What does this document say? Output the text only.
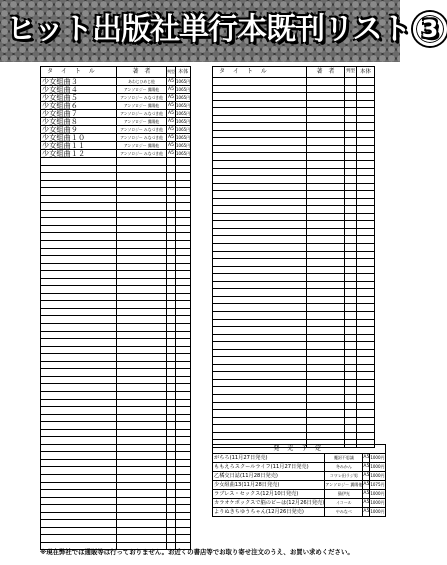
ヒット出版社単行本既刊リスト 3
タ イ ト ル	著　者	判型	本体
少女組曲３	あわじひめじ他	A5	1065円
少女組曲４	アンソロジー 翼陽他	A5	1065円
少女組曲５	アンソロジー みなづき他	A5	1065円
少女組曲６	アンソロジー 翼陽他	A5	1065円
少女組曲７	アンソロジー みなづき他	A5	1065円
少女組曲８	アンソロジー 翼陽他	A5	1065円
少女組曲９	アンソロジー みなづき他	A5	1065円
少女組曲１０	アンソロジー みなづき他	A5	1065円
少女組曲１１	アンソロジー 翼陽他	A5	1065円
少女組曲１２	アンソロジー みなづき他	A5	1065円

タ イ ト ル	著　者	判型	本体

発 売 予 定			
がちろ(11月27日発売)	魔訶不思議	A5	1000円
ももえろスクールライフ(11月27日発売)	冬みかん	A5	1000円
乙橘交日誌(11月28日発売)	コワレ田ラジ男	A5	1000円
少女組曲13(11月28日発売)	アンソロジー 翼陽他	A5	1075円
ラブレス・セックス(12月10日発売)	猫伊光	A5	1000円
カラオケボックスで脳のピーは(12月26日発売)	イコール	A5	1000円
よりぬきちゆうちゃん(12月26日発売)	やみなべ	A5	1000円
※現在弊社では通販等は行っておりません。お近くの書店等でお取り寄せ注文のうえ、お買い求めください。
